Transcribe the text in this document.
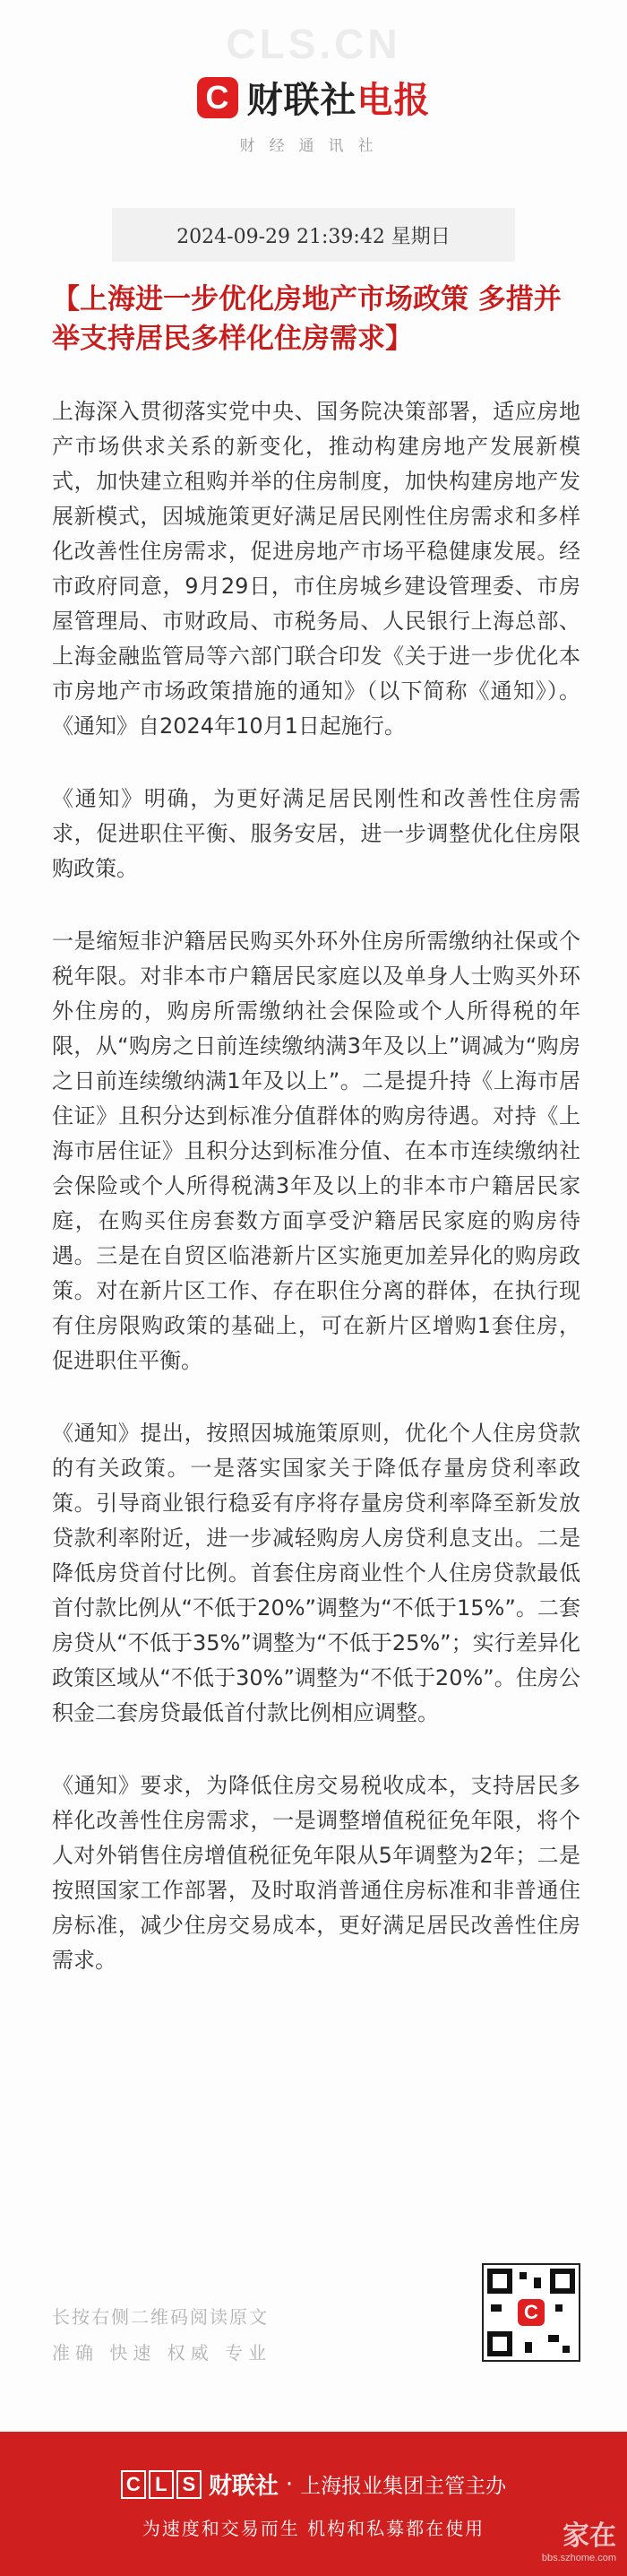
CLS.CN
C 财联社电报
财经通讯社
2024-09-29 21:39:42 星期日
【上海进一步优化房地产市场政策 多措并举支持居民多样化住房需求】

上海深入贯彻落实党中央、国务院决策部署，适应房地产市场供求关系的新变化，推动构建房地产发展新模式，加快建立租购并举的住房制度，加快构建房地产发展新模式，因城施策更好满足居民刚性住房需求和多样化改善性住房需求，促进房地产市场平稳健康发展。经市政府同意，9月29日，市住房城乡建设管理委、市房屋管理局、市财政局、市税务局、人民银行上海总部、上海金融监管局等六部门联合印发《关于进一步优化本市房地产市场政策措施的通知》（以下简称《通知》）。《通知》自2024年10月1日起施行。

《通知》明确，为更好满足居民刚性和改善性住房需求，促进职住平衡、服务安居，进一步调整优化住房限购政策。

一是缩短非沪籍居民购买外环外住房所需缴纳社保或个税年限。对非本市户籍居民家庭以及单身人士购买外环外住房的，购房所需缴纳社会保险或个人所得税的年限，从“购房之日前连续缴纳满3年及以上”调减为“购房之日前连续缴纳满1年及以上”。二是提升持《上海市居住证》且积分达到标准分值群体的购房待遇。对持《上海市居住证》且积分达到标准分值、在本市连续缴纳社会保险或个人所得税满3年及以上的非本市户籍居民家庭，在购买住房套数方面享受沪籍居民家庭的购房待遇。三是在自贸区临港新片区实施更加差异化的购房政策。对在新片区工作、存在职住分离的群体，在执行现有住房限购政策的基础上，可在新片区增购1套住房，促进职住平衡。

《通知》提出，按照因城施策原则，优化个人住房贷款的有关政策。一是落实国家关于降低存量房贷利率政策。引导商业银行稳妥有序将存量房贷利率降至新发放贷款利率附近，进一步减轻购房人房贷利息支出。二是降低房贷首付比例。首套住房商业性个人住房贷款最低首付款比例从“不低于20%”调整为“不低于15%”。二套房贷从“不低于35%”调整为“不低于25%”；实行差异化政策区域从“不低于30%”调整为“不低于20%”。住房公积金二套房贷最低首付款比例相应调整。

《通知》要求，为降低住房交易税收成本，支持居民多样化改善性住房需求，一是调整增值税征免年限，将个人对外销售住房增值税征免年限从5年调整为2年；二是按照国家工作部署，及时取消普通住房标准和非普通住房标准，减少住房交易成本，更好满足居民改善性住房需求。

长按右侧二维码阅读原文
准确 快速 权威 专业
C
C L S 财联社 · 上海报业集团主管主办
为速度和交易而生 机构和私募都在使用	家在
bbs.szhome.com
